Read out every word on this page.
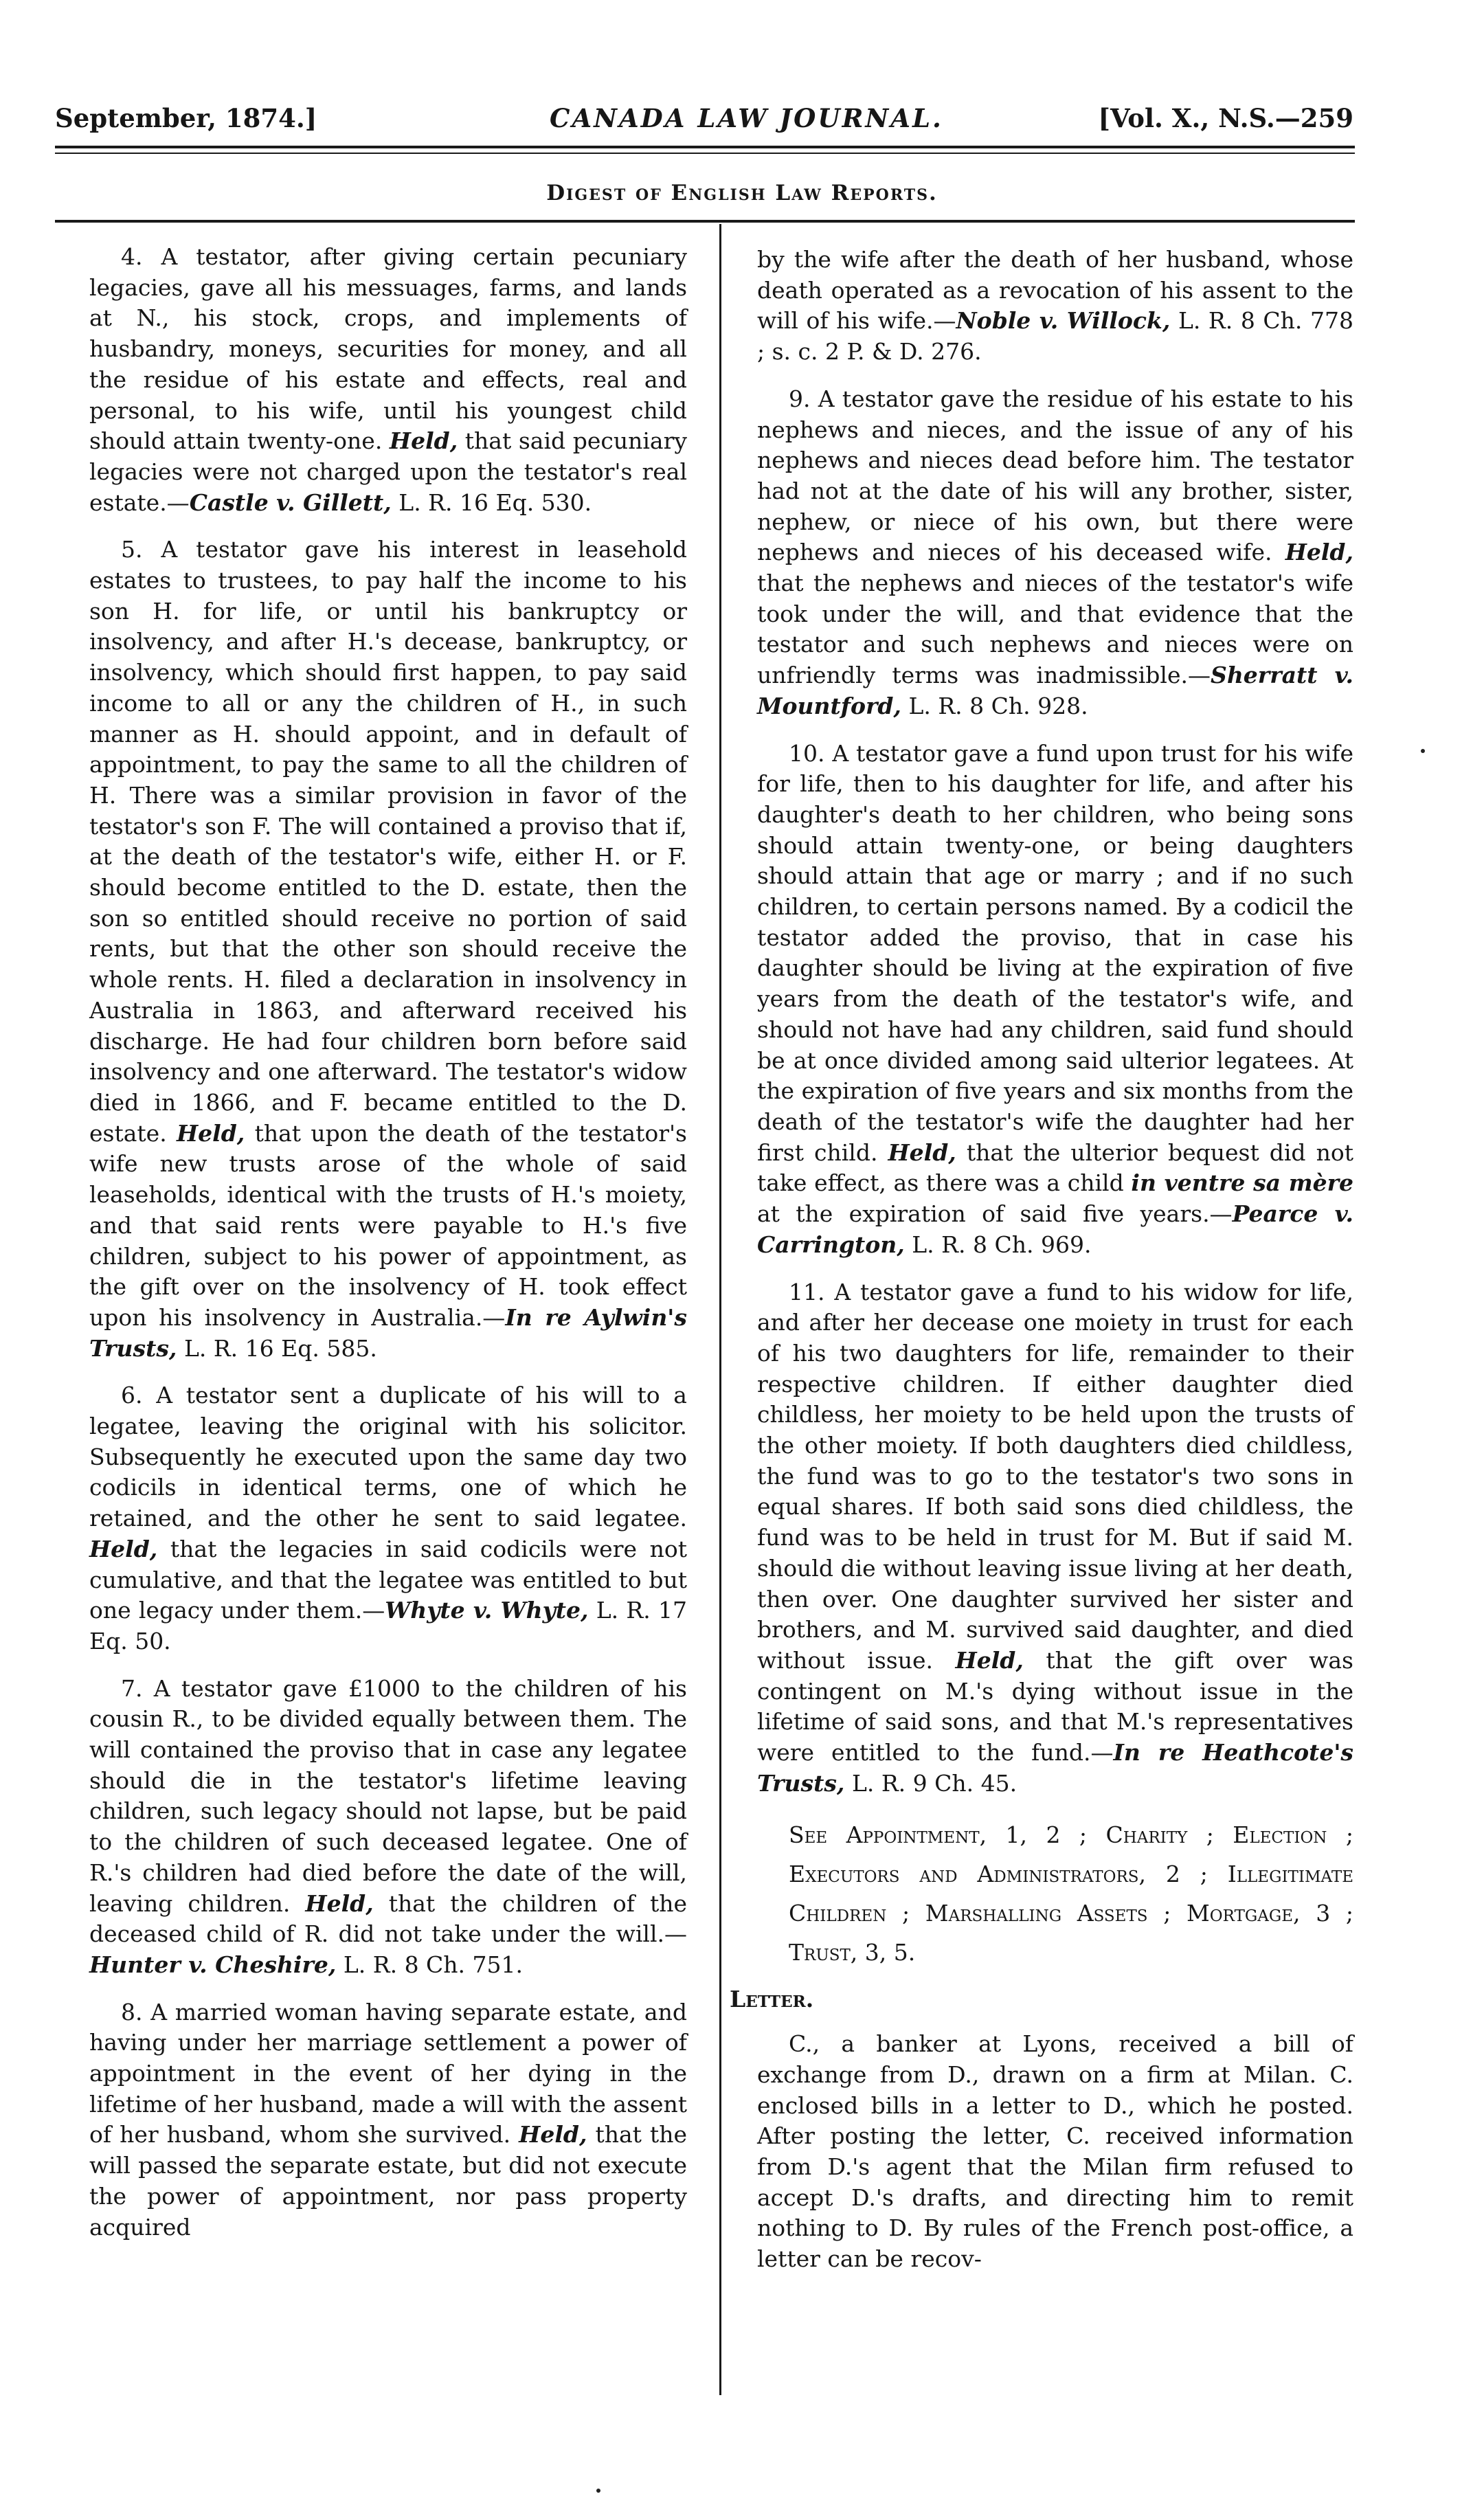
September, 1874.]	CANADA LAW JOURNAL.	[Vol. X., N.S.—259
Digest of English Law Reports.

4. A testator, after giving certain pecuniary legacies, gave all his messuages, farms, and lands at N., his stock, crops, and implements of husbandry, moneys, securities for money, and all the residue of his estate and effects, real and personal, to his wife, until his youngest child should attain twenty-one. Held, that said pecuniary legacies were not charged upon the testator's real estate.—Castle v. Gillett, L. R. 16 Eq. 530.

5. A testator gave his interest in leasehold estates to trustees, to pay half the income to his son H. for life, or until his bankruptcy or insolvency, and after H.'s decease, bankruptcy, or insolvency, which should first happen, to pay said income to all or any the children of H., in such manner as H. should appoint, and in default of appointment, to pay the same to all the children of H. There was a similar provision in favor of the testator's son F. The will contained a proviso that if, at the death of the testator's wife, either H. or F. should become entitled to the D. estate, then the son so entitled should receive no portion of said rents, but that the other son should receive the whole rents. H. filed a declaration in insolvency in Australia in 1863, and afterward received his discharge. He had four children born before said insolvency and one afterward. The testator's widow died in 1866, and F. became entitled to the D. estate. Held, that upon the death of the testator's wife new trusts arose of the whole of said leaseholds, identical with the trusts of H.'s moiety, and that said rents were payable to H.'s five children, subject to his power of appointment, as the gift over on the insolvency of H. took effect upon his insolvency in Australia.—In re Aylwin's Trusts, L. R. 16 Eq. 585.

6. A testator sent a duplicate of his will to a legatee, leaving the original with his solicitor. Subsequently he executed upon the same day two codicils in identical terms, one of which he retained, and the other he sent to said legatee. Held, that the legacies in said codicils were not cumulative, and that the legatee was entitled to but one legacy under them.—Whyte v. Whyte, L. R. 17 Eq. 50.

7. A testator gave £1000 to the children of his cousin R., to be divided equally between them. The will contained the proviso that in case any legatee should die in the testator's lifetime leaving children, such legacy should not lapse, but be paid to the children of such deceased legatee. One of R.'s children had died before the date of the will, leaving children. Held, that the children of the deceased child of R. did not take under the will.—Hunter v. Cheshire, L. R. 8 Ch. 751.

8. A married woman having separate estate, and having under her marriage settlement a power of appointment in the event of her dying in the lifetime of her husband, made a will with the assent of her husband, whom she survived. Held, that the will passed the separate estate, but did not execute the power of appointment, nor pass property acquired

by the wife after the death of her husband, whose death operated as a revocation of his assent to the will of his wife.—Noble v. Willock, L. R. 8 Ch. 778 ; s. c. 2 P. & D. 276.

9. A testator gave the residue of his estate to his nephews and nieces, and the issue of any of his nephews and nieces dead before him. The testator had not at the date of his will any brother, sister, nephew, or niece of his own, but there were nephews and nieces of his deceased wife. Held, that the nephews and nieces of the testator's wife took under the will, and that evidence that the testator and such nephews and nieces were on unfriendly terms was inadmissible.—Sherratt v. Mountford, L. R. 8 Ch. 928.

10. A testator gave a fund upon trust for his wife for life, then to his daughter for life, and after his daughter's death to her children, who being sons should attain twenty-one, or being daughters should attain that age or marry ; and if no such children, to certain persons named. By a codicil the testator added the proviso, that in case his daughter should be living at the expiration of five years from the death of the testator's wife, and should not have had any children, said fund should be at once divided among said ulterior legatees. At the expiration of five years and six months from the death of the testator's wife the daughter had her first child. Held, that the ulterior bequest did not take effect, as there was a child in ventre sa mère at the expiration of said five years.—Pearce v. Carrington, L. R. 8 Ch. 969.

11. A testator gave a fund to his widow for life, and after her decease one moiety in trust for each of his two daughters for life, remainder to their respective children. If either daughter died childless, her moiety to be held upon the trusts of the other moiety. If both daughters died childless, the fund was to go to the testator's two sons in equal shares. If both said sons died childless, the fund was to be held in trust for M. But if said M. should die without leaving issue living at her death, then over. One daughter survived her sister and brothers, and M. survived said daughter, and died without issue. Held, that the gift over was contingent on M.'s dying without issue in the lifetime of said sons, and that M.'s representatives were entitled to the fund.—In re Heathcote's Trusts, L. R. 9 Ch. 45.

See Appointment, 1, 2 ; Charity ; Election ; Executors and Administrators, 2 ; Illegitimate Children ; Marshalling Assets ; Mortgage, 3 ; Trust, 3, 5.

Letter.

C., a banker at Lyons, received a bill of exchange from D., drawn on a firm at Milan. C. enclosed bills in a letter to D., which he posted. After posting the letter, C. received information from D.'s agent that the Milan firm refused to accept D.'s drafts, and directing him to remit nothing to D. By rules of the French post-office, a letter can be recov-
